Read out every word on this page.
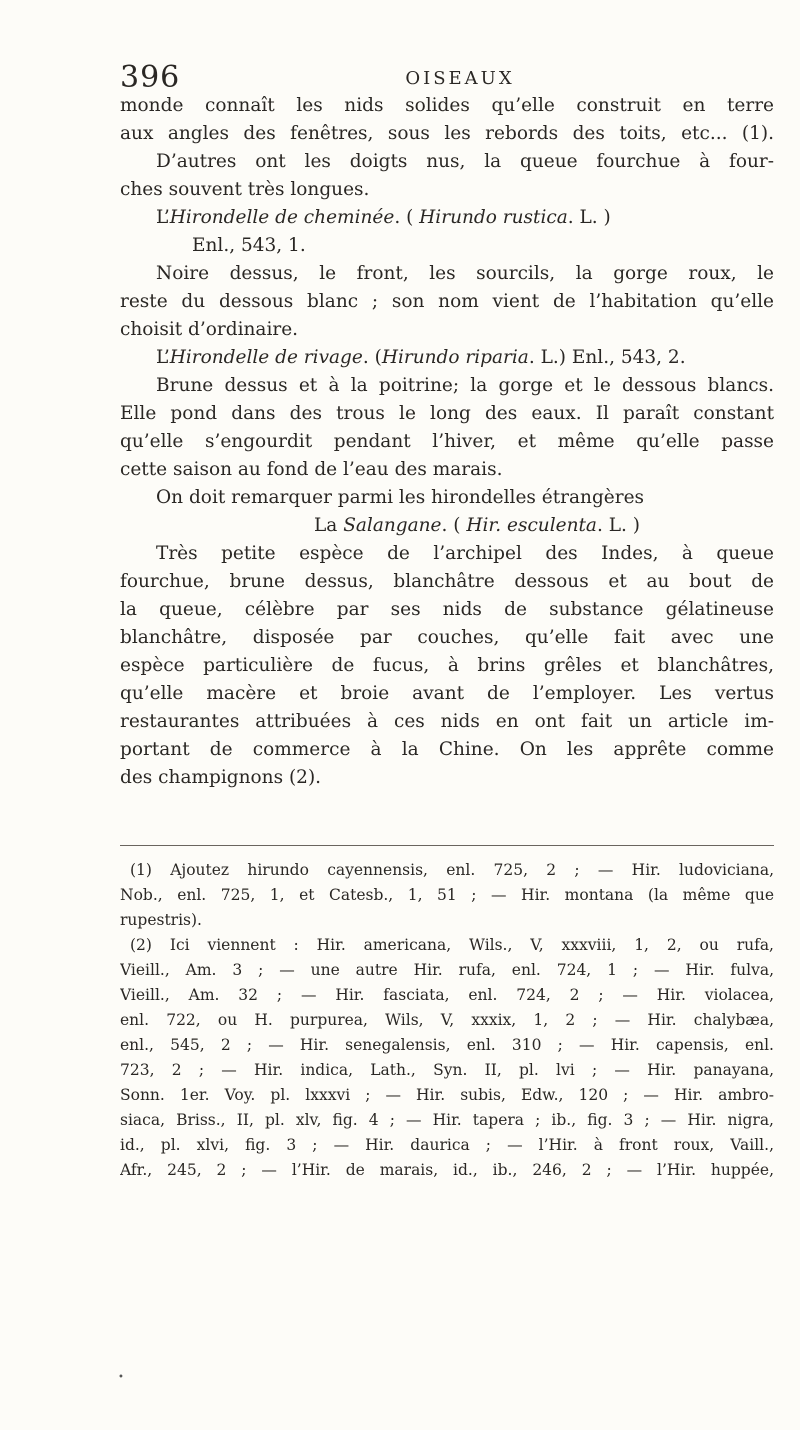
396	OISEAUX
monde connaît les nids solides qu’elle construit en terre
aux angles des fenêtres, sous les rebords des toits, etc... (1).
D’autres ont les doigts nus, la queue fourchue à four-
ches souvent très longues.
L’Hirondelle de cheminée. ( Hirundo rustica. L. )
Enl., 543, 1.
Noire dessus, le front, les sourcils, la gorge roux, le
reste du dessous blanc ; son nom vient de l’habitation qu’elle
choisit d’ordinaire.
L’Hirondelle de rivage. (Hirundo riparia. L.) Enl., 543, 2.
Brune dessus et à la poitrine; la gorge et le dessous blancs.
Elle pond dans des trous le long des eaux. Il paraît constant
qu’elle s’engourdit pendant l’hiver, et même qu’elle passe
cette saison au fond de l’eau des marais.
On doit remarquer parmi les hirondelles étrangères
La Salangane. ( Hir. esculenta. L. )
Très petite espèce de l’archipel des Indes, à queue
fourchue, brune dessus, blanchâtre dessous et au bout de
la queue, célèbre par ses nids de substance gélatineuse
blanchâtre, disposée par couches, qu’elle fait avec une
espèce particulière de fucus, à brins grêles et blanchâtres,
qu’elle macère et broie avant de l’employer. Les vertus
restaurantes attribuées à ces nids en ont fait un article im-
portant de commerce à la Chine. On les apprête comme
des champignons (2).
(1) Ajoutez hirundo cayennensis, enl. 725, 2 ; — Hir. ludoviciana,
Nob., enl. 725, 1, et Catesb., 1, 51 ; — Hir. montana (la même que
rupestris).
(2) Ici viennent : Hir. americana, Wils., V, xxxviii, 1, 2, ou rufa,
Vieill., Am. 3 ; — une autre Hir. rufa, enl. 724, 1 ; — Hir. fulva,
Vieill., Am. 32 ; — Hir. fasciata, enl. 724, 2 ; — Hir. violacea,
enl. 722, ou H. purpurea, Wils, V, xxxix, 1, 2 ; — Hir. chalybæa,
enl., 545, 2 ; — Hir. senegalensis, enl. 310 ; — Hir. capensis, enl.
723, 2 ; — Hir. indica, Lath., Syn. II, pl. lvi ; — Hir. panayana,
Sonn. 1er. Voy. pl. lxxxvi ; — Hir. subis, Edw., 120 ; — Hir. ambro-
siaca, Briss., II, pl. xlv, fig. 4 ; — Hir. tapera ; ib., fig. 3 ; — Hir. nigra,
id., pl. xlvi, fig. 3 ; — Hir. daurica ; — l’Hir. à front roux, Vaill.,
Afr., 245, 2 ; — l’Hir. de marais, id., ib., 246, 2 ; — l’Hir. huppée,
•
